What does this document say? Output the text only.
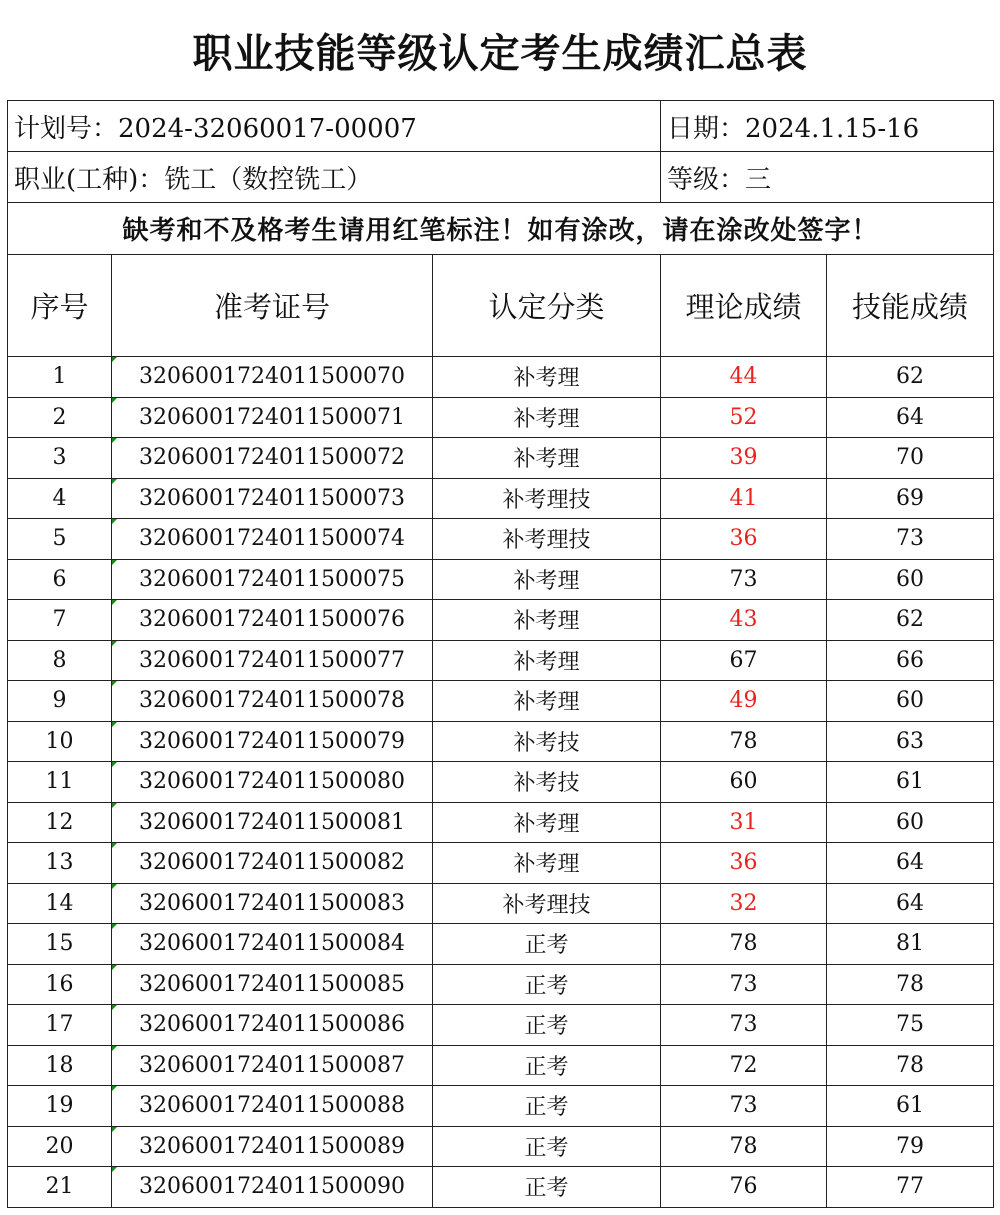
职业技能等级认定考生成绩汇总表
计划号：2024-32060017-00007			日期：2024.1.15-16	
职业(工种)：铣工（数控铣工）			等级：三	
缺考和不及格考生请用红笔标注！如有涂改，请在涂改处签字！				
序号	准考证号	认定分类	理论成绩	技能成绩
1	3206001724011500070	补考理	44	62
2	3206001724011500071	补考理	52	64
3	3206001724011500072	补考理	39	70
4	3206001724011500073	补考理技	41	69
5	3206001724011500074	补考理技	36	73
6	3206001724011500075	补考理	73	60
7	3206001724011500076	补考理	43	62
8	3206001724011500077	补考理	67	66
9	3206001724011500078	补考理	49	60
10	3206001724011500079	补考技	78	63
11	3206001724011500080	补考技	60	61
12	3206001724011500081	补考理	31	60
13	3206001724011500082	补考理	36	64
14	3206001724011500083	补考理技	32	64
15	3206001724011500084	正考	78	81
16	3206001724011500085	正考	73	78
17	3206001724011500086	正考	73	75
18	3206001724011500087	正考	72	78
19	3206001724011500088	正考	73	61
20	3206001724011500089	正考	78	79
21	3206001724011500090	正考	76	77
